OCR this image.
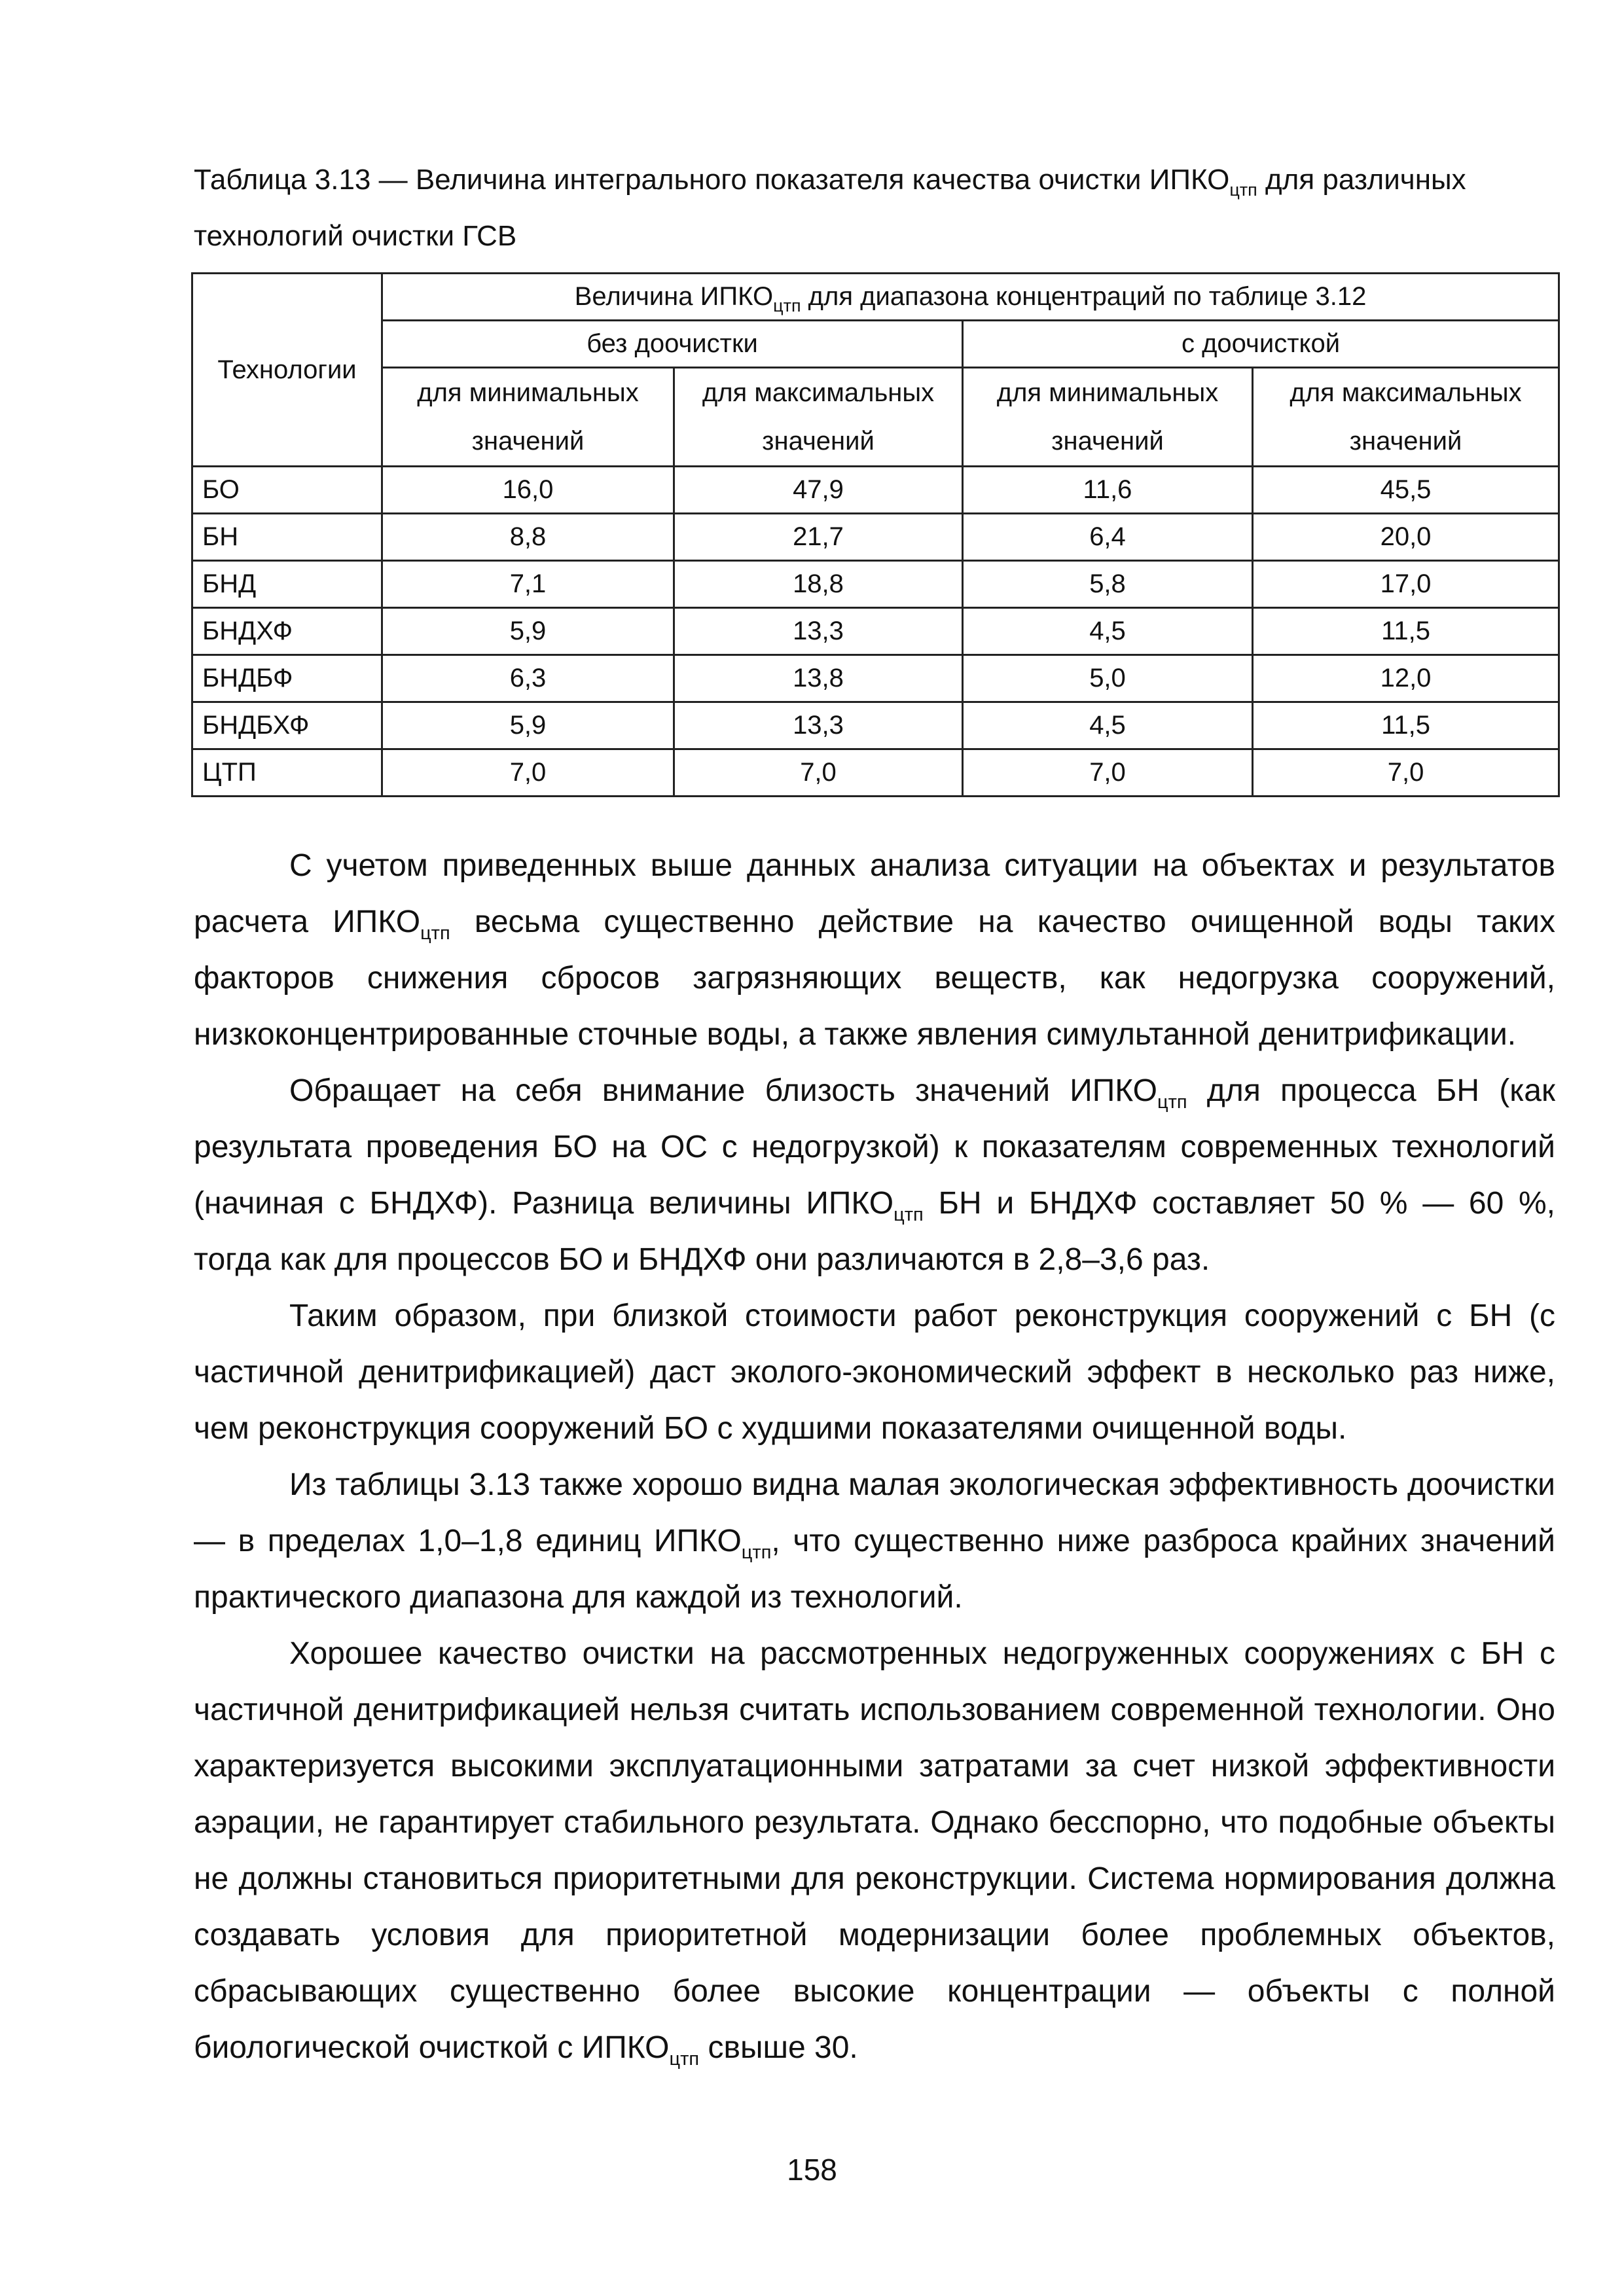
Таблица 3.13 — Величина интегрального показателя качества очистки $ИПКО_{цтп}$ для различных технологий очистки ГСВ

Технологии	Величина $ИПКО_{цтп}$ для диапазона концентраций по таблице 3.12			
	без доочистки		с доочисткой	
	для минимальных значений	для максимальных значений	для минимальных значений	для максимальных значений
БО	16,0	47,9	11,6	45,5
БН	8,8	21,7	6,4	20,0
БНД	7,1	18,8	5,8	17,0
БНДХФ	5,9	13,3	4,5	11,5
БНДБФ	6,3	13,8	5,0	12,0
БНДБХФ	5,9	13,3	4,5	11,5
ЦТП	7,0	7,0	7,0	7,0

С учетом приведенных выше данных анализа ситуации на объектах и результатов расчета $ИПКО_{цтп}$ весьма существенно действие на качество очищенной воды таких факторов снижения сбросов загрязняющих веществ, как недогрузка сооружений, низкоконцентрированные сточные воды, а также явления симультанной денитрификации.

Обращает на себя внимание близость значений $ИПКО_{цтп}$ для процесса БН (как результата проведения БО на ОС с недогрузкой) к показателям современных технологий (начиная с БНДХФ). Разница величины $ИПКО_{цтп}$ БН и БНДХФ составляет 50 % — 60 %, тогда как для процессов БО и БНДХФ они различаются в 2,8–3,6 раз.

Таким образом, при близкой стоимости работ реконструкция сооружений с БН (с частичной денитрификацией) даст эколого-экономический эффект в несколько раз ниже, чем реконструкция сооружений БО с худшими показателями очищенной воды.

Из таблицы 3.13 также хорошо видна малая экологическая эффективность доочистки — в пределах 1,0–1,8 единиц $ИПКО_{цтп}$, что существенно ниже разброса крайних значений практического диапазона для каждой из технологий.

Хорошее качество очистки на рассмотренных недогруженных сооружениях с БН с частичной денитрификацией нельзя считать использованием современной технологии. Оно характеризуется высокими эксплуатационными затратами за счет низкой эффективности аэрации, не гарантирует стабильного результата. Однако бесспорно, что подобные объекты не должны становиться приоритетными для реконструкции. Система нормирования должна создавать условия для приоритетной модернизации более проблемных объектов, сбрасывающих существенно более высокие концентрации — объекты с полной биологической очисткой с $ИПКО_{цтп}$ свыше 30.

158
